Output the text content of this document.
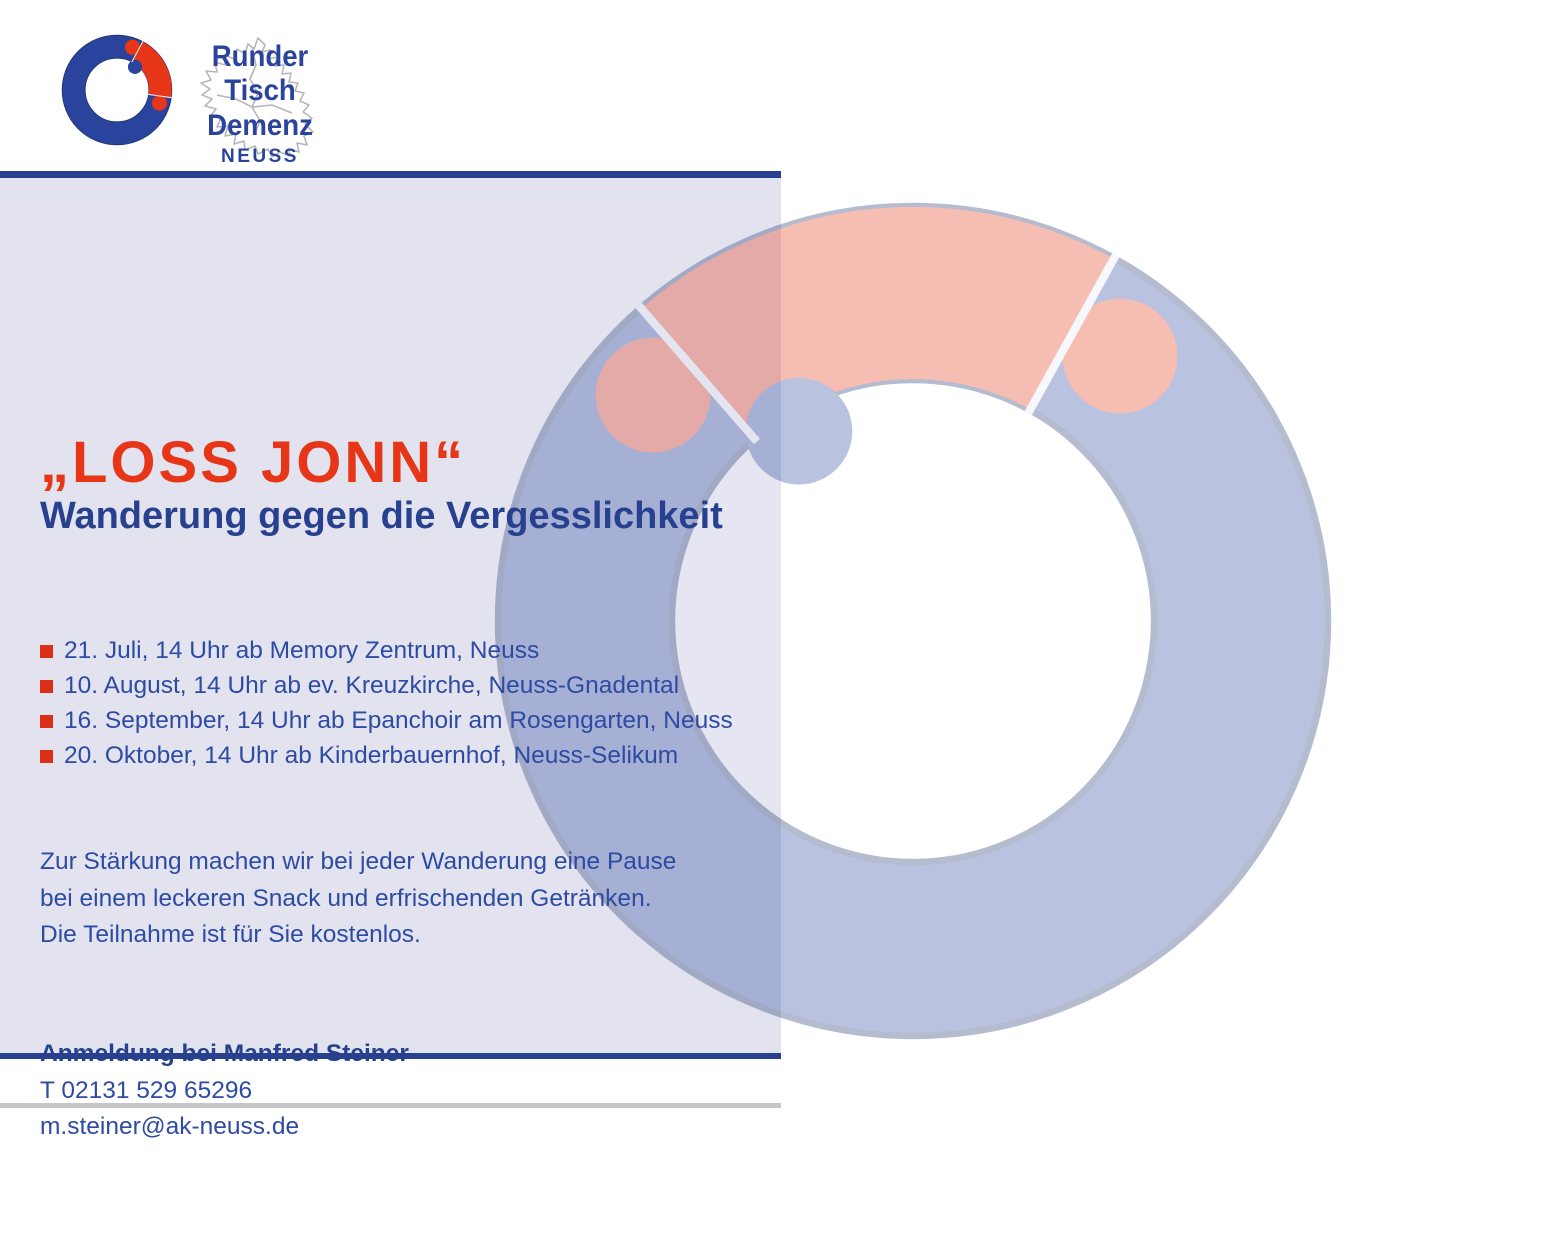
Runder Tisch
Demenz
NEUSS
„LOSS JONN“
Wanderung gegen die Vergesslichkeit
21. Juli, 14 Uhr ab Memory Zentrum, Neuss
10. August, 14 Uhr ab ev. Kreuzkirche, Neuss-Gnadental
16. September, 14 Uhr ab Epanchoir am Rosengarten, Neuss
20. Oktober, 14 Uhr ab Kinderbauernhof, Neuss-Selikum
Zur Stärkung machen wir bei jeder Wanderung eine Pause
bei einem leckeren Snack und erfrischenden Getränken.
Die Teilnahme ist für Sie kostenlos.
T 02131 529 65296
m.steiner@ak-neuss.de
